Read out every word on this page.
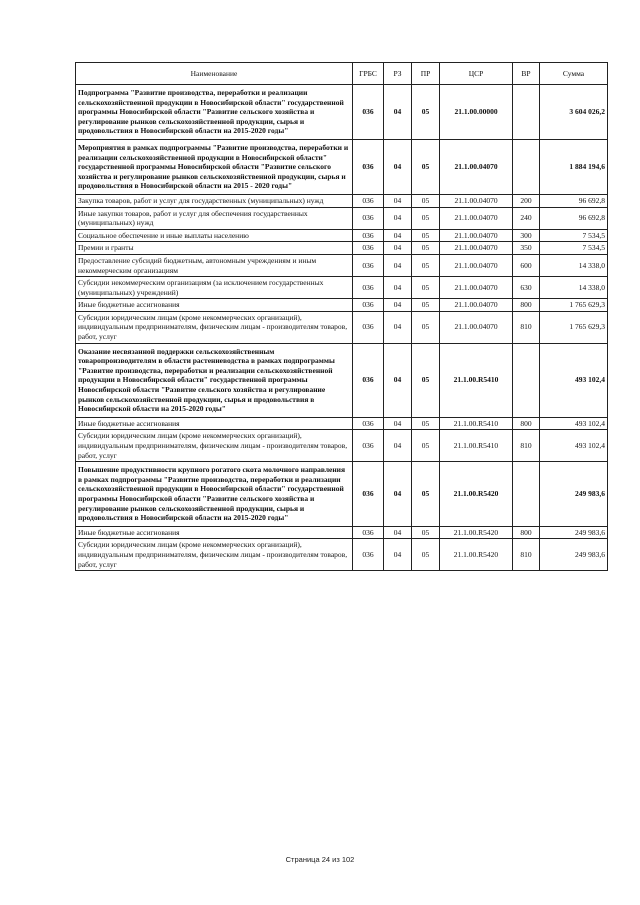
Наименование	ГРБС	РЗ	ПР	ЦСР	ВР	Сумма
Подпрограмма "Развитие производства, переработки и реализации сельскохозяйственной продукции в Новосибирской области" государственной программы Новосибирской области "Развитие сельского хозяйства и регулирование рынков сельскохозяйственной продукции, сырья и продовольствия в Новосибирской области на 2015-2020 годы"	036	04	05	21.1.00.00000		3 604 026,2
Мероприятия в рамках подпрограммы "Развитие производства, переработки и реализации сельскохозяйственной продукции в Новосибирской области" государственной программы Новосибирской области "Развитие сельского хозяйства и регулирование рынков сельскохозяйственной продукции, сырья и продовольствия в Новосибирской области на 2015 - 2020 годы"	036	04	05	21.1.00.04070		1 884 194,6
Закупка товаров, работ и услуг для государственных (муниципальных) нужд	036	04	05	21.1.00.04070	200	96 692,8
Иные закупки товаров, работ и услуг для обеспечения государственных (муниципальных) нужд	036	04	05	21.1.00.04070	240	96 692,8
Социальное обеспечение и иные выплаты населению	036	04	05	21.1.00.04070	300	7 534,5
Премии и гранты	036	04	05	21.1.00.04070	350	7 534,5
Предоставление субсидий бюджетным, автономным учреждениям и иным некоммерческим организациям	036	04	05	21.1.00.04070	600	14 338,0
Субсидии некоммерческим организациям (за исключением государственных (муниципальных) учреждений)	036	04	05	21.1.00.04070	630	14 338,0
Иные бюджетные ассигнования	036	04	05	21.1.00.04070	800	1 765 629,3
Субсидии юридическим лицам (кроме некоммерческих организаций), индивидуальным предпринимателям, физическим лицам - производителям товаров, работ, услуг	036	04	05	21.1.00.04070	810	1 765 629,3
Оказание несвязанной поддержки сельскохозяйственным товаропроизводителям в области растениеводства в рамках подпрограммы "Развитие производства, переработки и реализации сельскохозяйственной продукции в Новосибирской области" государственной программы Новосибирской области "Развитие сельского хозяйства и регулирование рынков сельскохозяйственной продукции, сырья и продовольствия в Новосибирской области на 2015-2020 годы"	036	04	05	21.1.00.R5410		493 102,4
Иные бюджетные ассигнования	036	04	05	21.1.00.R5410	800	493 102,4
Субсидии юридическим лицам (кроме некоммерческих организаций), индивидуальным предпринимателям, физическим лицам - производителям товаров, работ, услуг	036	04	05	21.1.00.R5410	810	493 102,4
Повышение продуктивности крупного рогатого скота молочного направления в рамках подпрограммы "Развитие производства, переработки и реализации сельскохозяйственной продукции в Новосибирской области" государственной программы Новосибирской области "Развитие сельского хозяйства и регулирование рынков сельскохозяйственной продукции, сырья и продовольствия в Новосибирской области на 2015-2020 годы"	036	04	05	21.1.00.R5420		249 983,6
Иные бюджетные ассигнования	036	04	05	21.1.00.R5420	800	249 983,6
Субсидии юридическим лицам (кроме некоммерческих организаций), индивидуальным предпринимателям, физическим лицам - производителям товаров, работ, услуг	036	04	05	21.1.00.R5420	810	249 983,6
Страница 24 из 102
